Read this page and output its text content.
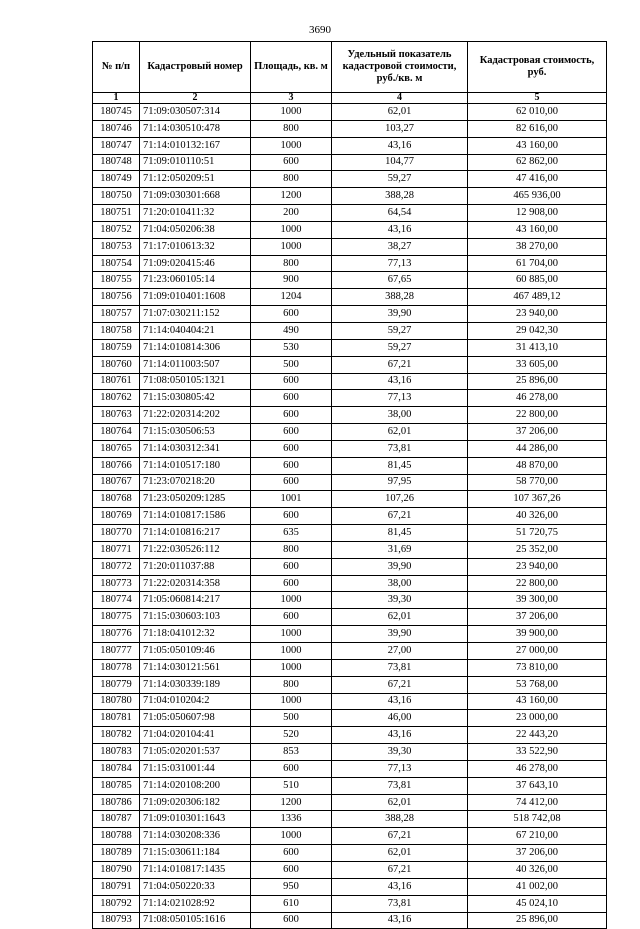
3690
№ п/п	Кадастровый номер	Площадь, кв. м	Удельный показатель кадастровой стоимости, руб./кв. м	Кадастровая стоимость, руб.
1	2	3	4	5
180745	71:09:030507:314	1000	62,01	62 010,00
180746	71:14:030510:478	800	103,27	82 616,00
180747	71:14:010132:167	1000	43,16	43 160,00
180748	71:09:010110:51	600	104,77	62 862,00
180749	71:12:050209:51	800	59,27	47 416,00
180750	71:09:030301:668	1200	388,28	465 936,00
180751	71:20:010411:32	200	64,54	12 908,00
180752	71:04:050206:38	1000	43,16	43 160,00
180753	71:17:010613:32	1000	38,27	38 270,00
180754	71:09:020415:46	800	77,13	61 704,00
180755	71:23:060105:14	900	67,65	60 885,00
180756	71:09:010401:1608	1204	388,28	467 489,12
180757	71:07:030211:152	600	39,90	23 940,00
180758	71:14:040404:21	490	59,27	29 042,30
180759	71:14:010814:306	530	59,27	31 413,10
180760	71:14:011003:507	500	67,21	33 605,00
180761	71:08:050105:1321	600	43,16	25 896,00
180762	71:15:030805:42	600	77,13	46 278,00
180763	71:22:020314:202	600	38,00	22 800,00
180764	71:15:030506:53	600	62,01	37 206,00
180765	71:14:030312:341	600	73,81	44 286,00
180766	71:14:010517:180	600	81,45	48 870,00
180767	71:23:070218:20	600	97,95	58 770,00
180768	71:23:050209:1285	1001	107,26	107 367,26
180769	71:14:010817:1586	600	67,21	40 326,00
180770	71:14:010816:217	635	81,45	51 720,75
180771	71:22:030526:112	800	31,69	25 352,00
180772	71:20:011037:88	600	39,90	23 940,00
180773	71:22:020314:358	600	38,00	22 800,00
180774	71:05:060814:217	1000	39,30	39 300,00
180775	71:15:030603:103	600	62,01	37 206,00
180776	71:18:041012:32	1000	39,90	39 900,00
180777	71:05:050109:46	1000	27,00	27 000,00
180778	71:14:030121:561	1000	73,81	73 810,00
180779	71:14:030339:189	800	67,21	53 768,00
180780	71:04:010204:2	1000	43,16	43 160,00
180781	71:05:050607:98	500	46,00	23 000,00
180782	71:04:020104:41	520	43,16	22 443,20
180783	71:05:020201:537	853	39,30	33 522,90
180784	71:15:031001:44	600	77,13	46 278,00
180785	71:14:020108:200	510	73,81	37 643,10
180786	71:09:020306:182	1200	62,01	74 412,00
180787	71:09:010301:1643	1336	388,28	518 742,08
180788	71:14:030208:336	1000	67,21	67 210,00
180789	71:15:030611:184	600	62,01	37 206,00
180790	71:14:010817:1435	600	67,21	40 326,00
180791	71:04:050220:33	950	43,16	41 002,00
180792	71:14:021028:92	610	73,81	45 024,10
180793	71:08:050105:1616	600	43,16	25 896,00
